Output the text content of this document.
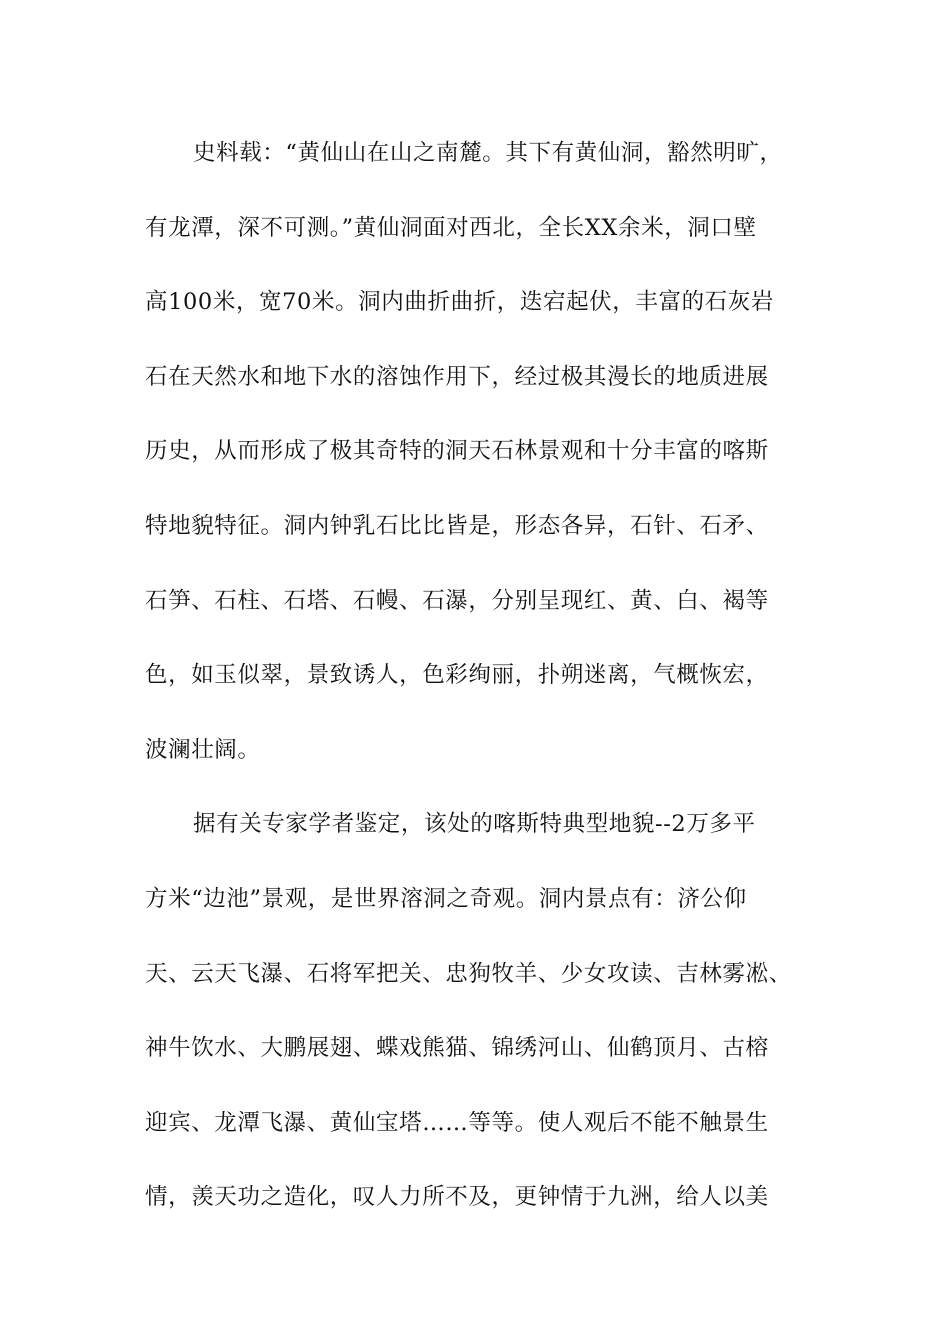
史料载：“黄仙山在山之南麓。其下有黄仙洞，豁然明旷，
有龙潭，深不可测。”黄仙洞面对西北，全长XX余米，洞口壁
高100米，宽70米。洞内曲折曲折，迭宕起伏，丰富的石灰岩
石在天然水和地下水的溶蚀作用下，经过极其漫长的地质进展
历史，从而形成了极其奇特的洞天石林景观和十分丰富的喀斯
特地貌特征。洞内钟乳石比比皆是，形态各异，石针、石矛、
石笋、石柱、石塔、石幔、石瀑，分别呈现红、黄、白、褐等
色，如玉似翠，景致诱人，色彩绚丽，扑朔迷离，气概恢宏，
波澜壮阔。
据有关专家学者鉴定，该处的喀斯特典型地貌--2万多平
方米“边池”景观，是世界溶洞之奇观。洞内景点有：济公仰
天、云天飞瀑、石将军把关、忠狗牧羊、少女攻读、吉林雾凇、
神牛饮水、大鹏展翅、蝶戏熊猫、锦绣河山、仙鹤顶月、古榕
迎宾、龙潭飞瀑、黄仙宝塔……等等。使人观后不能不触景生
情，羡天功之造化，叹人力所不及，更钟情于九洲，给人以美
